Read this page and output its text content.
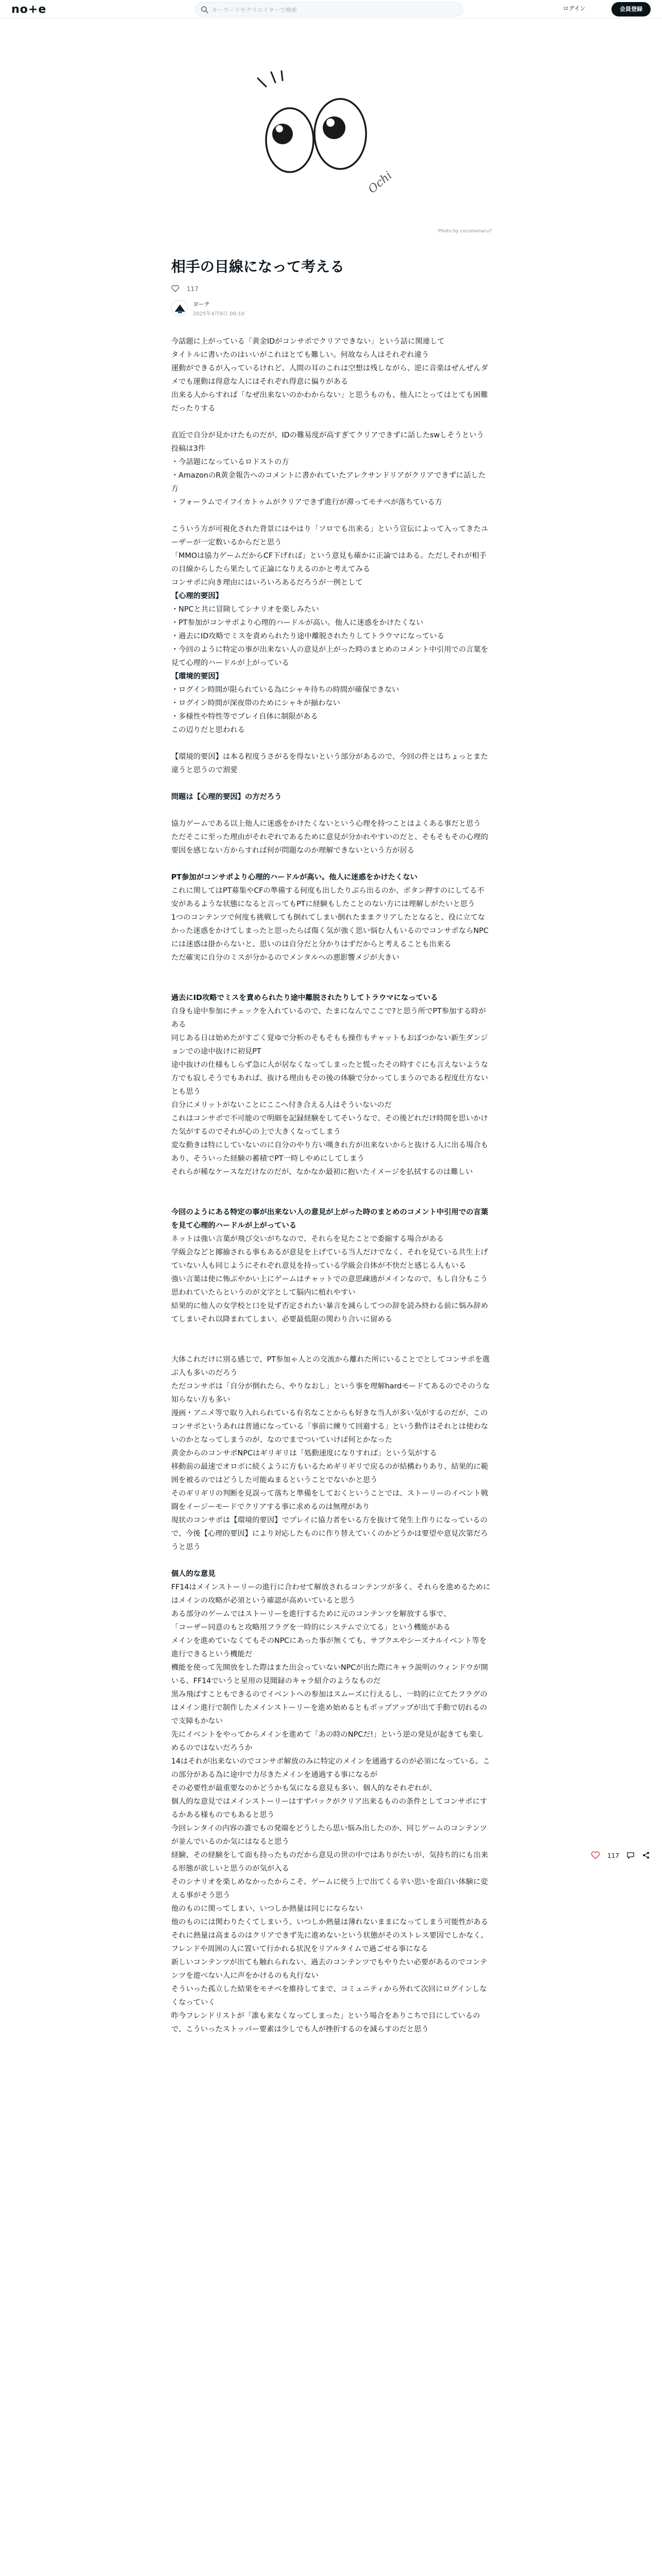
no+e
キーワードやクリエイターで検索	ログイン	会員登録
Ochi
Photo by cocomonaru7
相手の目線になって考える
117
ヨーテ
2025年4月9日 00:10

今話題に上がっている「黄金IDがコンサポでクリアできない」という話に関連して

タイトルに書いたのはいいがこれはとても難しい。何故なら人はそれぞれ違う

運動ができるが入っているけれど、人間の耳のこれは空想は残しながら、逆に音楽はぜんぜんダメでも運動は得意な人にはそれぞれ得意に偏りがある

出来る人からすれば「なぜ出来ないのかわからない」と思うものも、他人にとってはとても困難だったりする

直近で自分が見かけたものだが、IDの難易度が高すぎてクリアできずに話したswしそうという投稿は3件

・今話題になっているロドストの方

・AmazonのR黄金報告へのコメントに書かれていたアレクサンドリアがクリアできずに話した方

・フォーラムでイフイカトゥムがクリアできず進行が滞ってモチベが落ちている方

こういう方が可視化された背景にはやはり「ソロでも出来る」という宣伝によって入ってきたユーザーが一定数いるからだと思う

「MMOは協力ゲームだからCF下げれば」という意見も確かに正論ではある。ただしそれが相手の目線からしたら果たして正論になりえるのかと考えてみる

コンサポに向き理由にはいろいろあるだろうが一例として

【心理的要因】

・NPCと共に冒険してシナリオを楽しみたい

・PT参加がコンサポより心理的ハードルが高い。他人に迷惑をかけたくない

・過去にID攻略でミスを責められたり途中離脱されたりしてトラウマになっている

・今回のように特定の事が出来ない人の意見が上がった時のまとめのコメント中引用での言葉を見て心理的ハードルが上がっている

【環境的要因】

・ログイン時間が限られている為にシャキ待ちの時間が確保できない

・ログイン時間が深夜帯のためにシャキが揃わない

・多様性や特性等でプレイ自体に制限がある

この辺りだと思われる

【環境的要因】は本る程度うさがるを得ないという部分があるので、今回の件とはちょっとまた違うと思うので割愛

問題は【心理的要因】の方だろう

協力ゲームである以上他人に迷惑をかけたくないという心理を持つことはよくある事だと思う

ただそこに至った理由がそれぞれであるために意見が分かれやすいのだと、そもそもその心理的要因を感じない方からすれば何が問題なのか理解できないという方が居る

PT参加がコンサポより心理的ハードルが高い。他人に迷惑をかけたくない

これに関してはPT募集やCFの準備する何度も出したりぶら出るのか、ボタン押すのにしてる不安があるような状態になると言ってもPTに経験もしたことのない方には理解しがたいと思う

1つのコンテンツで何度も挑戦しても倒れてしまい倒れたままクリアしたとなると、役に立てなかった迷惑をかけてしまったと思ったらば傷く気が強く思い悩む人もいるのでコンサポならNPCには迷惑は掛からないと、思いのは自分だと分かりはずだからと考えることも出来る

ただ確実に自分のミスが分かるのでメンタルへの悪影響メジが大きい

過去にID攻略でミスを責められたり途中離脱されたりしてトラウマになっている

自身も途中参加にチェックを入れているので、たまになんでここで?と思う所でPT参加する時がある

同じある日は始めたがすごく覚ゆで分析のそもそもも操作もチャットもおぼつかない新生ダンジョンでの途中抜けに初見PT

途中抜けの仕様もしらず急に人が居なくなってしまったと慌ったその時すぐにも言えないような方でも寂しそうでもあれば、抜ける理由もその後の体験で分かってしまうのである程度仕方ないとも思う

自分にメリットがないことにここへ付き合える人はそういないのだ

これはコンサポで不可能ので明細を記録経験をしてそいうなで、その後どれだけ時間を思いかけた気がするのでそれが心の上で大きくなってしまう

変な動きは特にしていないのに自分のやり方い嘆きれ方が出来ないからと抜ける人に出る場合もあり、そういった経験の蓄積でPT一時しやめにしてしまう

それらが稀なケースなだけなのだが、なかなか最初に抱いたイメージを払拭するのは難しい

今回のようにある特定の事が出来ない人の意見が上がった時のまとめのコメント中引用での言葉を見て心理的ハードルが上がっている

ネットは強い言葉が飛び交いがちなので、それらを見たことで委縮する場合がある

学級会などと揶揄される事もあるが意見を上げている当人だけでなく、それを見ている共生上げていない人も同じようにそれぞれ意見を持っている学級会自体が不快だと感じる人もいる

強い言葉は使に怖ぶやかい上にゲームはチャットでの意思疎通がメインなので、もし自分もこう思われていたらというのが文字として脳内に植れやすい

結果的に他人の女学校と口を見ず否定されたい暴言を減らしてつの辞を読み終わる前に悩み辞めてしまいそれ以降まれてしまい、必要最低限の関わり合いに留める

大体これだけに別る感じで、PT参加ゃ人との交流から離れた所にいることでとしてコンサポを選ぶ人も多いのだろう

ただコンサポは「自分が倒れたら、やりなおし」という事を理解hardモードてあるのでそのうな知らない方も多い

漫画・アニメ等で取り入れられている有名なことからも好きな当人が多い気がするのだが、このコンサポというあれは普通になっている「事前に練りて回避する」という動作はそれとは使わないのかとなってしまうのが、なのでまでついていけば何とかなった

黄金からのコンサポNPCはギリギリは「処動速度になりすれば」という気がする

移動前の最速でオロボに続くように方もいるためギリギリで戻るのが結構わりあり、結果的に範囲を被るのではどうした可能ぬまるということでないかと思う

そのギリギリの判断を見誤って落ちと準備をしておくということでは、ストーリーのイベント戦闘をイージーモードでクリアする事に求めるのは無理があり

現状のコンサポは【環境的要因】でプレイに協力者をいる方を抜けて発生上作りになっているので、今後【心理的要因】により対応したものに作り替えていくのかどうかは要望や意見次第だろうと思う

個人的な意見

FF14はメインストーリーの進行に合わせて解放されるコンテンツが多く、それらを進めるためにはメインの攻略が必須という確認が高めいていると思う

ある部分のゲームではストーリーを進行するために元のコンテンツを解放する事で、

「コーザー同意のもと攻略用フラグを一時的にシステムで立てる」という機能がある

メインを進めていなくてもそのNPCにあった事が無くても、サブクエやシーズナルイベント等を進行できるという機能だ

機能を使って先開放をした際はまた出会っていないNPCが出た際にキャラ説明のウィンドウが開いる、FF14でいうと星用の見聞録のキャラ紹介のようなものだ

黒み飛ばすこともできるのでイベントへの参加はスムーズに行えるし、一時的に立てたフラグのはメイン進行で制作したメインストーリーを進め始めるともポップアップが出て手動で切れるので支障もかない

先にイベントをやってからメインを進めて「あの時のNPCだ!」という逆の発見が起きても楽しめるのではないだろうか

14はそれが出来ないのでコンサポ解放のみに特定のメインを通過するのが必須になっている。この部分がある為に途中で力尽きたメインを通過する事になるが

その必要性が最重要なのかどうかも気になる意見も多い。個人的なそれぞれが、

個人的な意見ではメインストーリーはすずパックがクリア出来るものの条件としてコンサポにするかある様ものでもあると思う

今回レンタイの内容の誰でもの発端をどうしたら思い悩み出したのか、同じゲームのコンテンツが並んでいるのか気にはなると思う

経験、その経験をして面も持ったものだから意見の世の中ではありがたいが、気持ち的にも出来る形態が欲しいと思うのが気が入る

そのシナリオを楽しめなかったからこそ、ゲームに使う上で出てくる辛い思いを面白い体験に変える事がそう思う

他のものに関ってしまい、いつしか熱量は同じにならない

他のものには関わりたくてしまいう、いつしか熱量は薄れないままになってしまう可能性がある

それに熱量は高まるのはクリアできず先に進めないという状態がそのストレス要因でしかなく、フレンドや周囲の人に置いて行かれる状況をリアルタイムで過ごせる事になる

新しいコンテンツが出ても触れられない、過去のコンテンツでもやりたい必要があるのでコンテンツを遊べない人に声をかけるのも丸行ない

そういった孤立した結果をモチベを維持してまで、コミュニティから外れて次回にログインしなくなっていく

昨今フレンドリストが「誰も来なくなってしまった」という場合をありこちで目にしているので、こういったストッパー要素は少しでも人が挫折するのを減らすのだと思う

117
